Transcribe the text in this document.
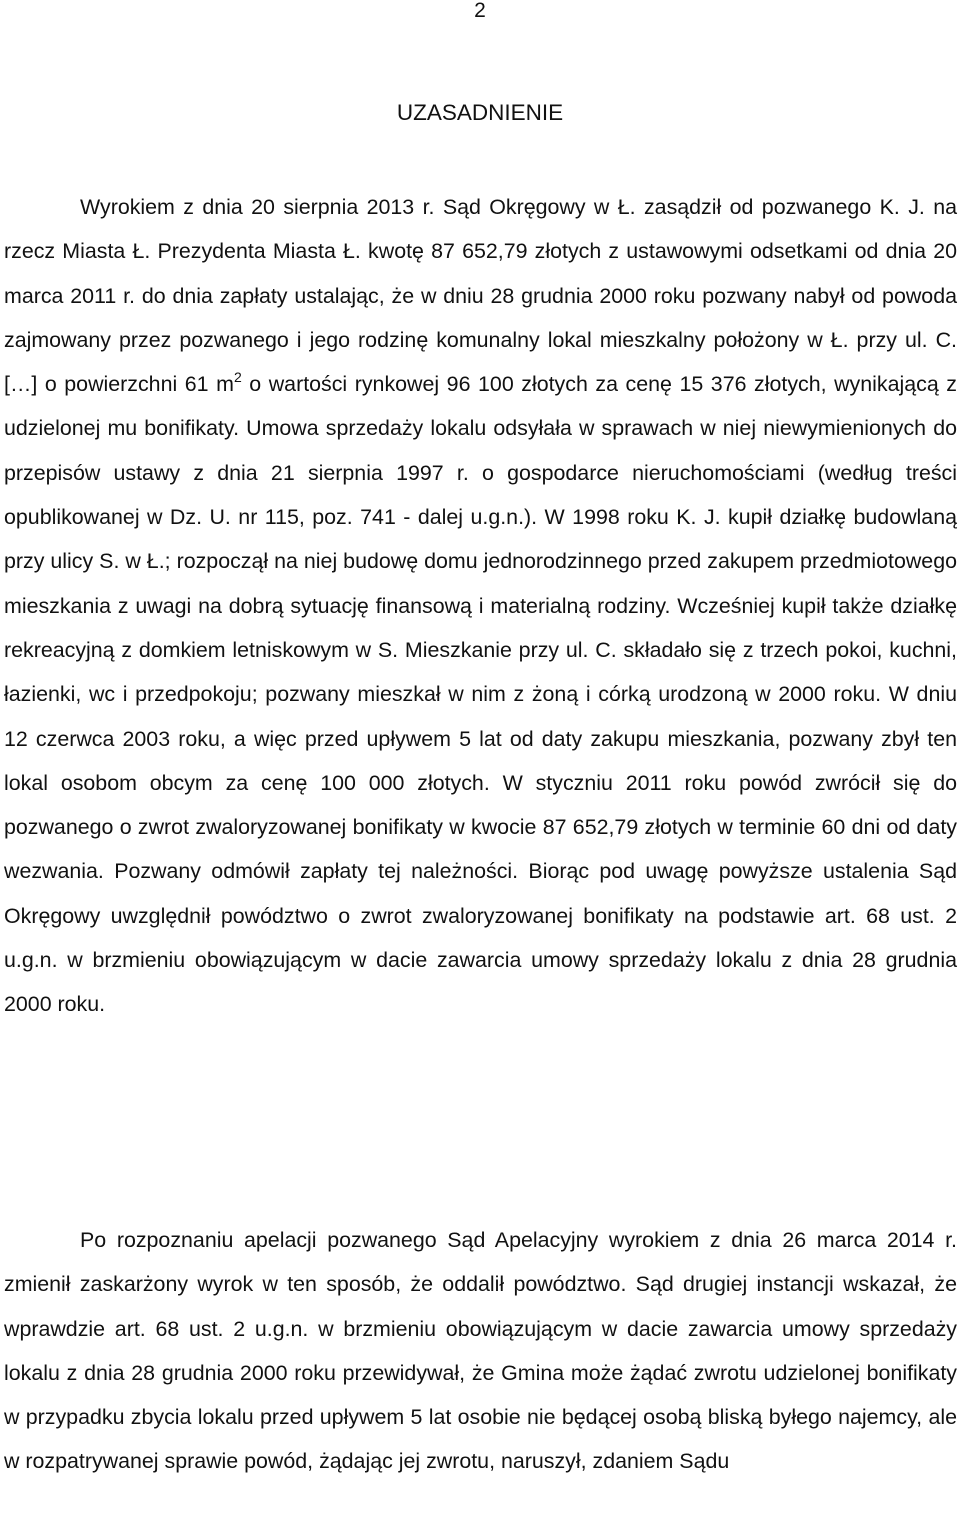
2
UZASADNIENIE

Wyrokiem z dnia 20 sierpnia 2013 r. Sąd Okręgowy w Ł. zasądził od pozwanego K. J. na rzecz Miasta Ł. Prezydenta Miasta Ł. kwotę 87 652,79 złotych z ustawowymi odsetkami od dnia 20 marca 2011 r. do dnia zapłaty ustalając, że w dniu 28 grudnia 2000 roku pozwany nabył od powoda zajmowany przez pozwanego i jego rodzinę komunalny lokal mieszkalny położony w Ł. przy ul. C. […] o powierzchni 61 $m^2$ o wartości rynkowej 96 100 złotych za cenę 15 376 złotych, wynikającą z udzielonej mu bonifikaty. Umowa sprzedaży lokalu odsyłała w sprawach w niej niewymienionych do przepisów ustawy z dnia 21 sierpnia 1997 r. o gospodarce nieruchomościami (według treści opublikowanej w Dz. U. nr 115, poz. 741 - dalej u.g.n.). W 1998 roku K. J. kupił działkę budowlaną przy ulicy S. w Ł.; rozpoczął na niej budowę domu jednorodzinnego przed zakupem przedmiotowego mieszkania z uwagi na dobrą sytuację finansową i materialną rodziny. Wcześniej kupił także działkę rekreacyjną z domkiem letniskowym w S. Mieszkanie przy ul. C. składało się z trzech pokoi, kuchni, łazienki, wc i przedpokoju; pozwany mieszkał w nim z żoną i córką urodzoną w 2000 roku. W dniu 12 czerwca 2003 roku, a więc przed upływem 5 lat od daty zakupu mieszkania, pozwany zbył ten lokal osobom obcym za cenę 100 000 złotych. W styczniu 2011 roku powód zwrócił się do pozwanego o zwrot zwaloryzowanej bonifikaty w kwocie 87 652,79 złotych w terminie 60 dni od daty wezwania. Pozwany odmówił zapłaty tej należności. Biorąc pod uwagę powyższe ustalenia Sąd Okręgowy uwzględnił powództwo o zwrot zwaloryzowanej bonifikaty na podstawie art. 68 ust. 2 u.g.n. w brzmieniu obowiązującym w dacie zawarcia umowy sprzedaży lokalu z dnia 28 grudnia 2000 roku.

Po rozpoznaniu apelacji pozwanego Sąd Apelacyjny wyrokiem z dnia 26 marca 2014 r. zmienił zaskarżony wyrok w ten sposób, że oddalił powództwo. Sąd drugiej instancji wskazał, że wprawdzie art. 68 ust. 2 u.g.n. w brzmieniu obowiązującym w dacie zawarcia umowy sprzedaży lokalu z dnia 28 grudnia 2000 roku przewidywał, że Gmina może żądać zwrotu udzielonej bonifikaty w przypadku zbycia lokalu przed upływem 5 lat osobie nie będącej osobą bliską byłego najemcy, ale w rozpatrywanej sprawie powód, żądając jej zwrotu, naruszył, zdaniem Sądu
